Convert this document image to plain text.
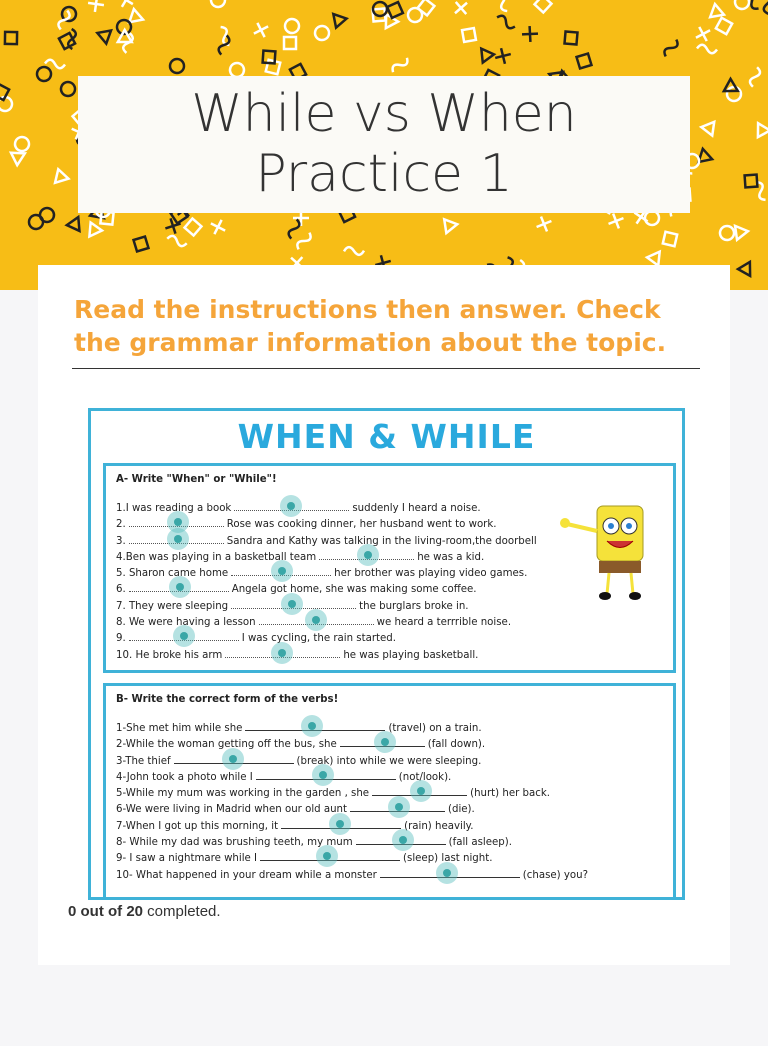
While vs When
Practice 1
Read the instructions then answer. Check the grammar information about the topic.
WHEN & WHILE
A- Write "When" or "While"!
1.I was reading a book	suddenly I heard a noise.
2.	Rose was cooking dinner, her husband went to work.
3.	Sandra and Kathy was talking in the living-room,the doorbell
4.Ben was playing in a basketball team	he was a kid.
5. Sharon came home	her brother was playing video games.
6.	Angela got home, she was making some coffee.
7. They were sleeping	the burglars broke in.
8. We were having a lesson	we heard a terrrible noise.
9.	I was cycling, the rain started.
10. He broke his arm	he was playing basketball.
B- Write the correct form of the verbs!
1-She met him while she	(travel) on a train.
2-While the woman getting off the bus, she	(fall down).
3-The thief	(break) into while we were sleeping.
4-John took a photo while I	(not/look).
5-While my mum was working in the garden , she	(hurt) her back.
6-We were living in Madrid when our old aunt	(die).
7-When I got up this morning, it	(rain) heavily.
8- While my dad was brushing teeth, my mum	(fall asleep).
9- I saw a nightmare while I	(sleep) last night.
10- What happened in your dream while a monster	(chase) you?
0 out of 20 completed.
